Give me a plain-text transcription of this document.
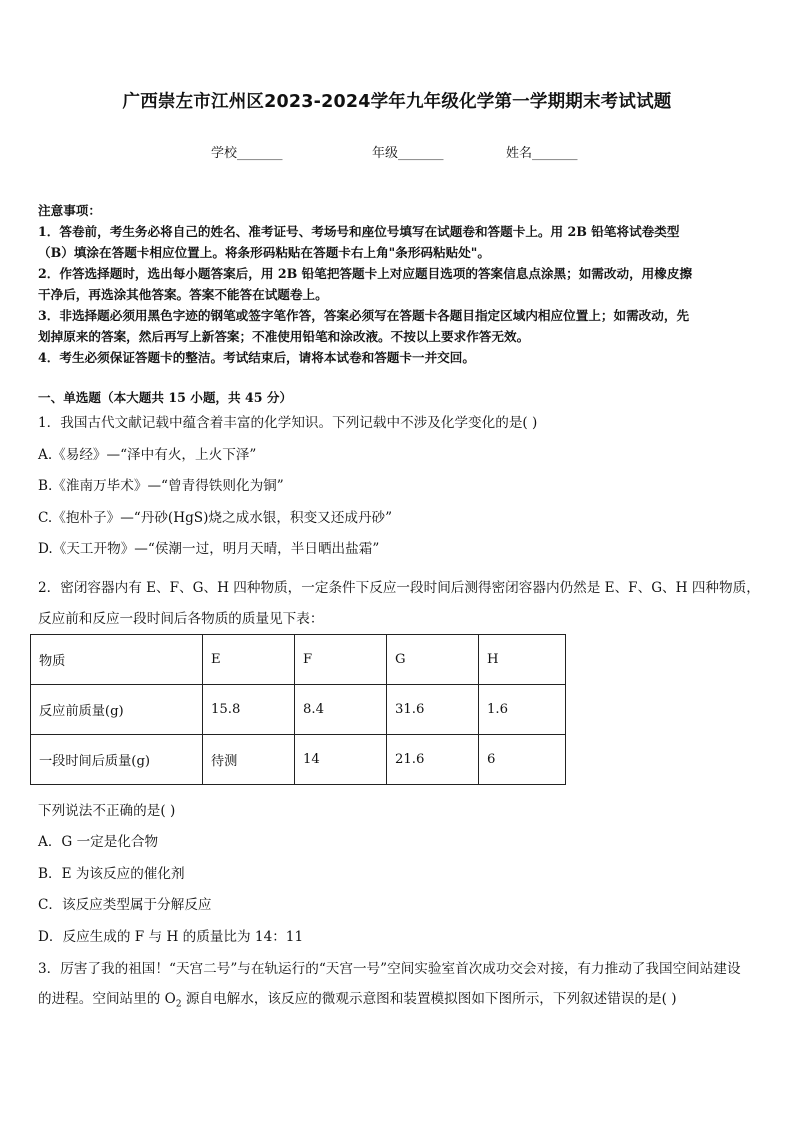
广西崇左市江州区2023-2024学年九年级化学第一学期期末考试试题
学校_______	年级_______	姓名_______
注意事项：
1．答卷前，考生务必将自己的姓名、准考证号、考场号和座位号填写在试题卷和答题卡上。用 2B 铅笔将试卷类型
（B）填涂在答题卡相应位置上。将条形码粘贴在答题卡右上角"条形码粘贴处"。
2．作答选择题时，选出每小题答案后，用 2B 铅笔把答题卡上对应题目选项的答案信息点涂黑；如需改动，用橡皮擦
干净后，再选涂其他答案。答案不能答在试题卷上。
3．非选择题必须用黑色字迹的钢笔或签字笔作答，答案必须写在答题卡各题目指定区域内相应位置上；如需改动，先
划掉原来的答案，然后再写上新答案；不准使用铅笔和涂改液。不按以上要求作答无效。
4．考生必须保证答题卡的整洁。考试结束后，请将本试卷和答题卡一并交回。
一、单选题（本大题共 15 小题，共 45 分）
1．我国古代文献记载中蕴含着丰富的化学知识。下列记载中不涉及化学变化的是( )
A.《易经》—“泽中有火，上火下泽”
B.《淮南万毕术》—“曾青得铁则化为铜”
C.《抱朴子》—“丹砂(HgS)烧之成水银，积变又还成丹砂”
D.《天工开物》—“侯潮一过，明月天晴，半日晒出盐霜”
2．密闭容器内有 E、F、G、H 四种物质，一定条件下反应一段时间后测得密闭容器内仍然是 E、F、G、H 四种物质，
反应前和反应一段时间后各物质的质量见下表：
物质	E	F	G	H
反应前质量(g)	15.8	8.4	31.6	1.6
一段时间后质量(g)	待测	14	21.6	6
下列说法不正确的是( )
A．G 一定是化合物
B．E 为该反应的催化剂
C．该反应类型属于分解反应
D．反应生成的 F 与 H 的质量比为 14：11
3．厉害了我的祖国！“天宫二号”与在轨运行的“天宫一号”空间实验室首次成功交会对接，有力推动了我国空间站建设
的进程。空间站里的 $O_2$ 源自电解水，该反应的微观示意图和装置模拟图如下图所示，下列叙述错误的是( )
